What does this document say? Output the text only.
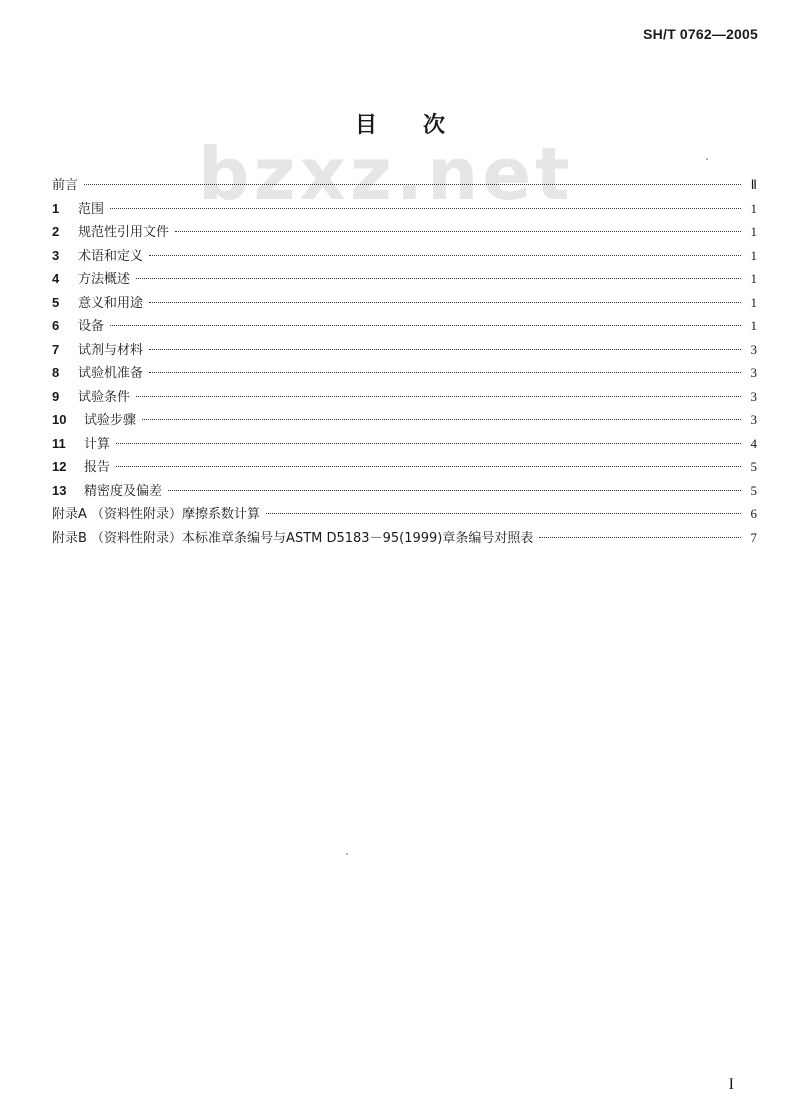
SH/T 0762—2005
bzxz.net
目次
前言	Ⅱ
1	范围	1
2	规范性引用文件	1
3	术语和定义	1
4	方法概述	1
5	意义和用途	1
6	设备	1
7	试剂与材料	3
8	试验机准备	3
9	试验条件	3
10	试验步骤	3
11	计算	4
12	报告	5
13	精密度及偏差	5
附录A （资料性附录）摩擦系数计算	6
附录B （资料性附录）本标准章条编号与ASTM D5183－95(1999)章条编号对照表	7
I
